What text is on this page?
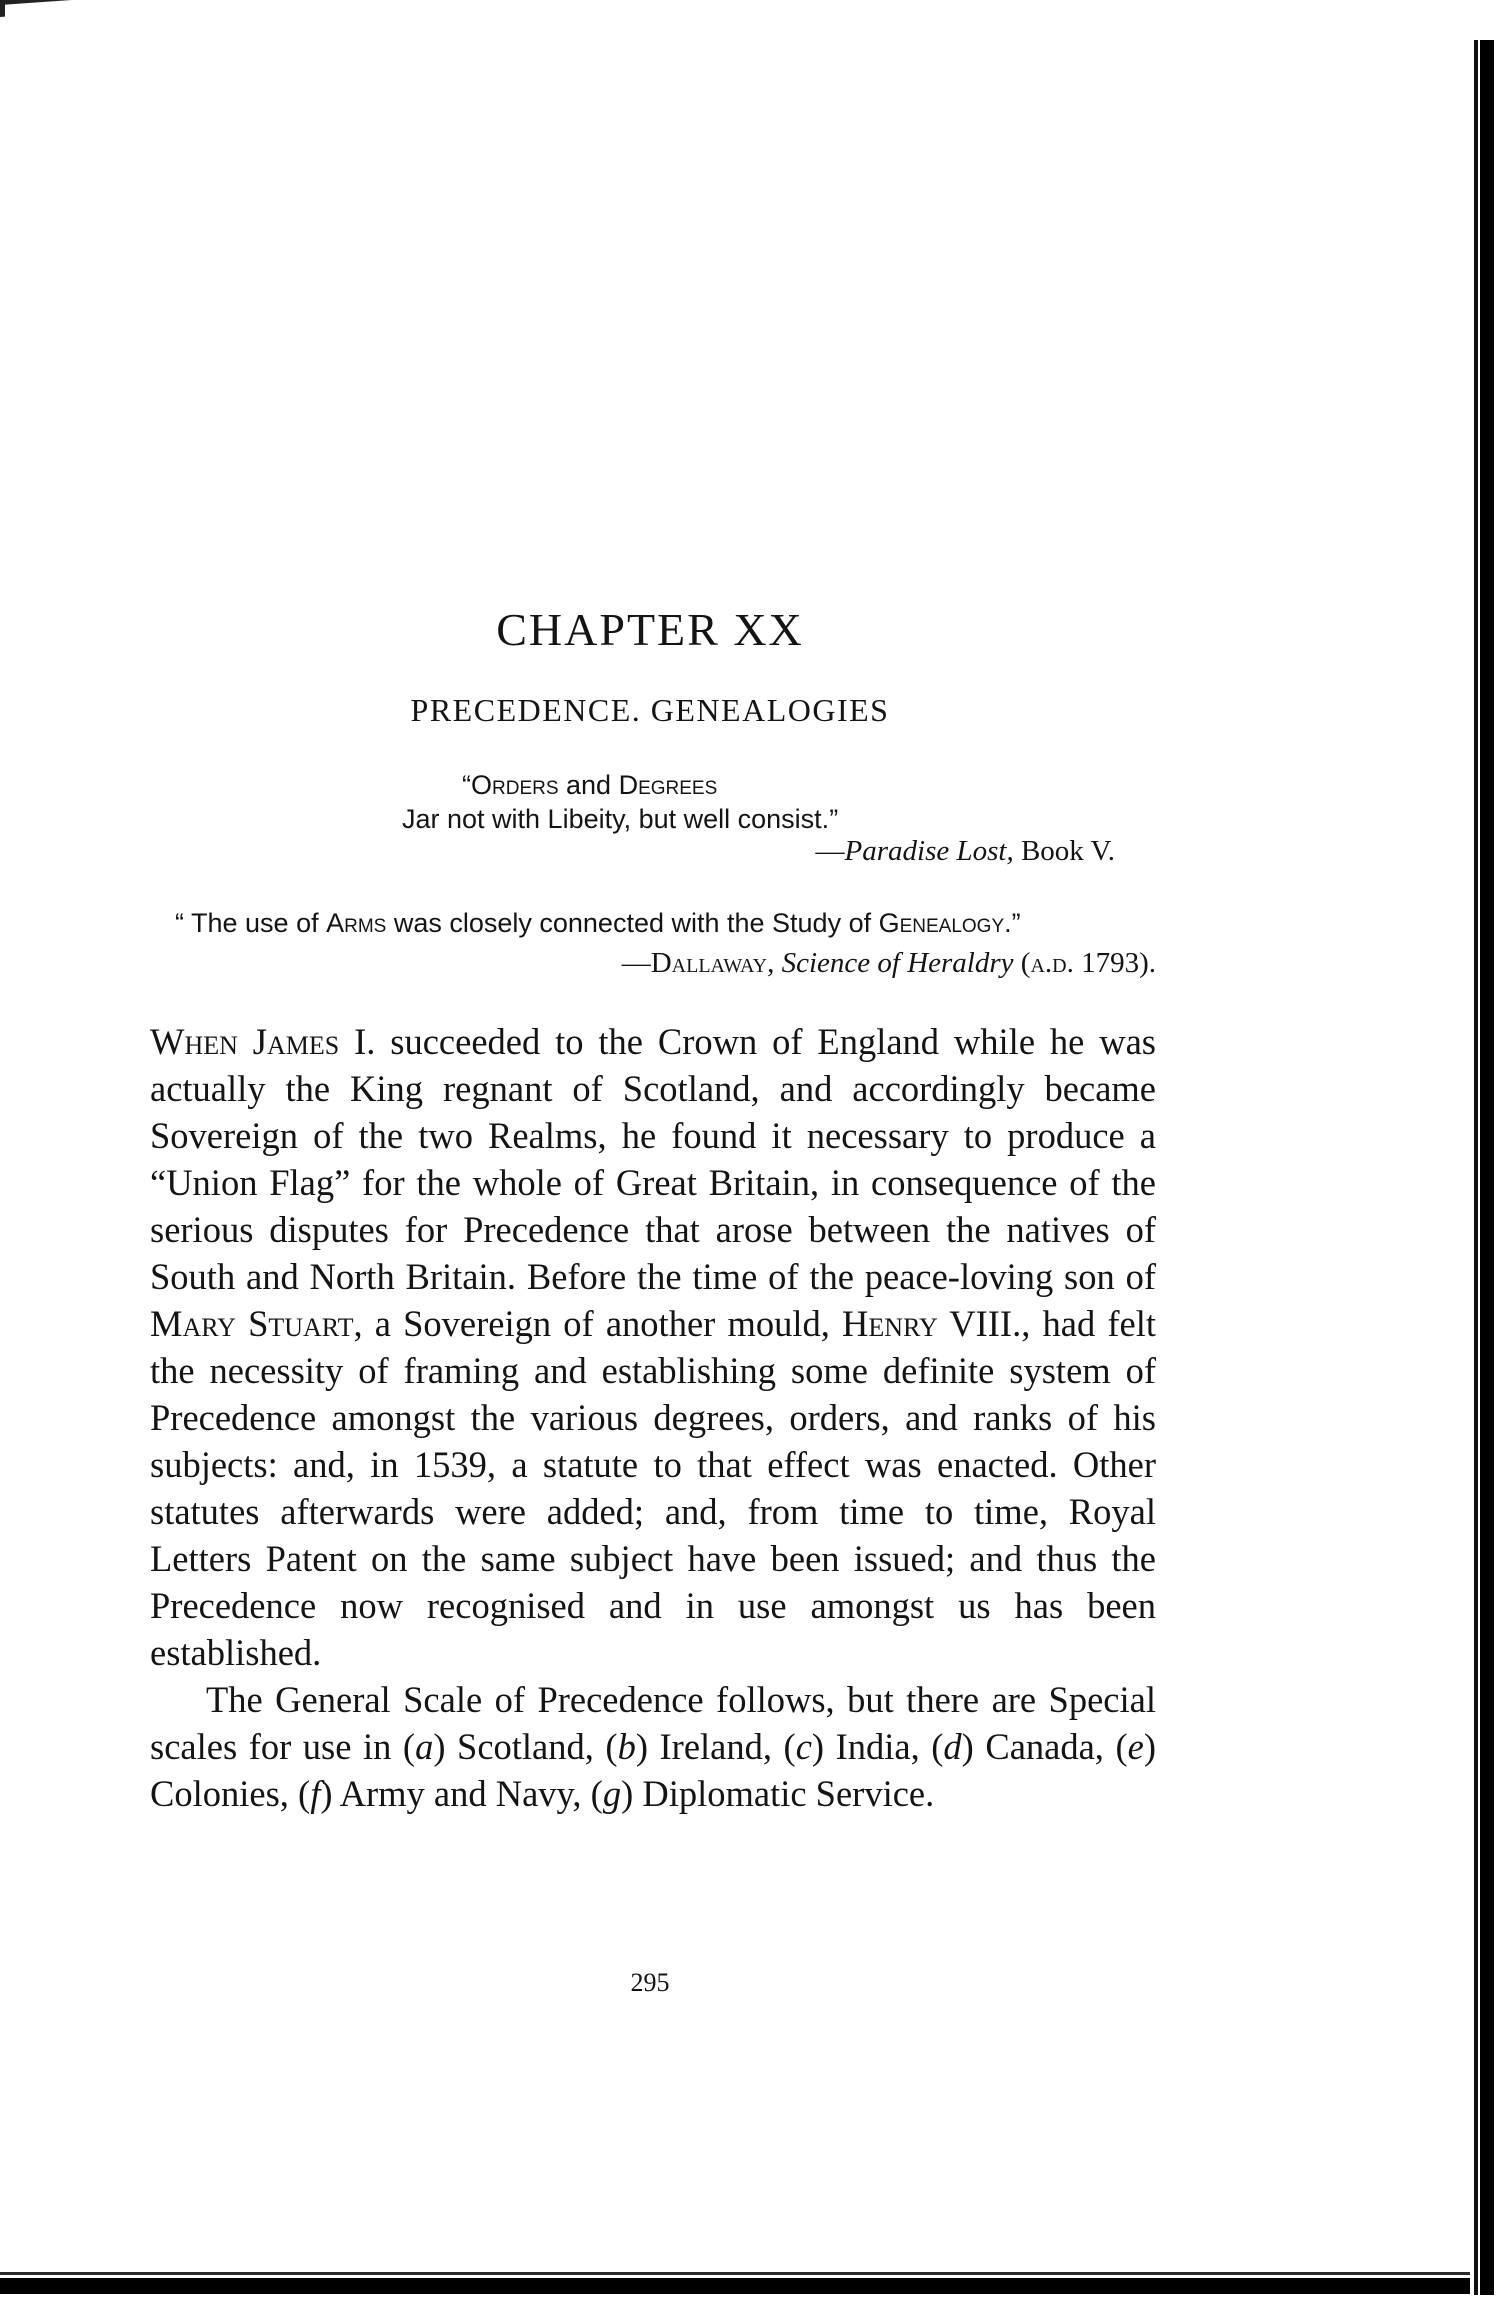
CHAPTER XX
PRECEDENCE. GENEALOGIES
“Orders and Degrees
Jar not with Libeity, but well consist.”
—Paradise Lost, Book V.
“ The use of Arms was closely connected with the Study of Genealogy.”
—Dallaway, Science of Heraldry (a.d. 1793).

When James I. succeeded to the Crown of England while he was actually the King regnant of Scotland, and accordingly became Sovereign of the two Realms, he found it necessary to produce a “Union Flag” for the whole of Great Britain, in consequence of the serious disputes for Precedence that arose between the natives of South and North Britain. Before the time of the peace-loving son of Mary Stuart, a Sovereign of another mould, Henry VIII., had felt the necessity of framing and establishing some definite system of Precedence amongst the various degrees, orders, and ranks of his subjects: and, in 1539, a statute to that effect was enacted. Other statutes afterwards were added; and, from time to time, Royal Letters Patent on the same subject have been issued; and thus the Precedence now recognised and in use amongst us has been established.

The General Scale of Precedence follows, but there are Special scales for use in (a) Scotland, (b) Ireland, (c) India, (d) Canada, (e) Colonies, (f) Army and Navy, (g) Diplomatic Service.

295
